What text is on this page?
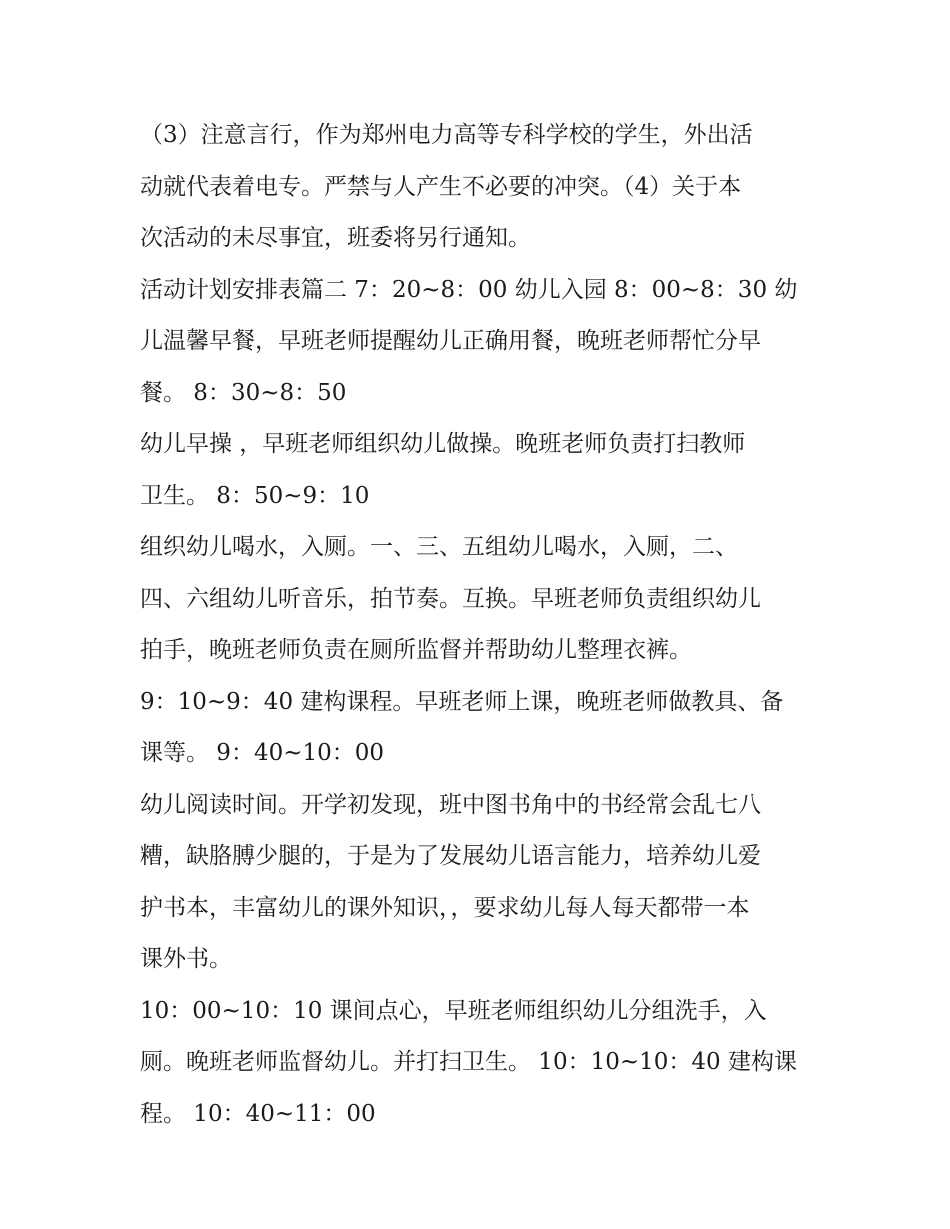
（3）注意言行，作为郑州电力高等专科学校的学生，外出活
动就代表着电专。严禁与人产生不必要的冲突。（4）关于本
次活动的未尽事宜，班委将另行通知。
活动计划安排表篇二 7：20~8：00 幼儿入园 8：00~8：30 幼
儿温馨早餐，早班老师提醒幼儿正确用餐，晚班老师帮忙分早
餐。 8：30~8：50
幼儿早操 ，早班老师组织幼儿做操。晚班老师负责打扫教师
卫生。 8：50~9：10
组织幼儿喝水，入厕。一、三、五组幼儿喝水，入厕，二、
四、六组幼儿听音乐，拍节奏。互换。早班老师负责组织幼儿
拍手，晚班老师负责在厕所监督并帮助幼儿整理衣裤。
9：10~9：40 建构课程。早班老师上课，晚班老师做教具、备
课等。 9：40~10：00
幼儿阅读时间。开学初发现，班中图书角中的书经常会乱七八
糟，缺胳膊少腿的，于是为了发展幼儿语言能力，培养幼儿爱
护书本，丰富幼儿的课外知识，，要求幼儿每人每天都带一本
课外书。
10：00~10：10 课间点心，早班老师组织幼儿分组洗手，入
厕。晚班老师监督幼儿。并打扫卫生。 10：10~10：40 建构课
程。 10：40~11：00
